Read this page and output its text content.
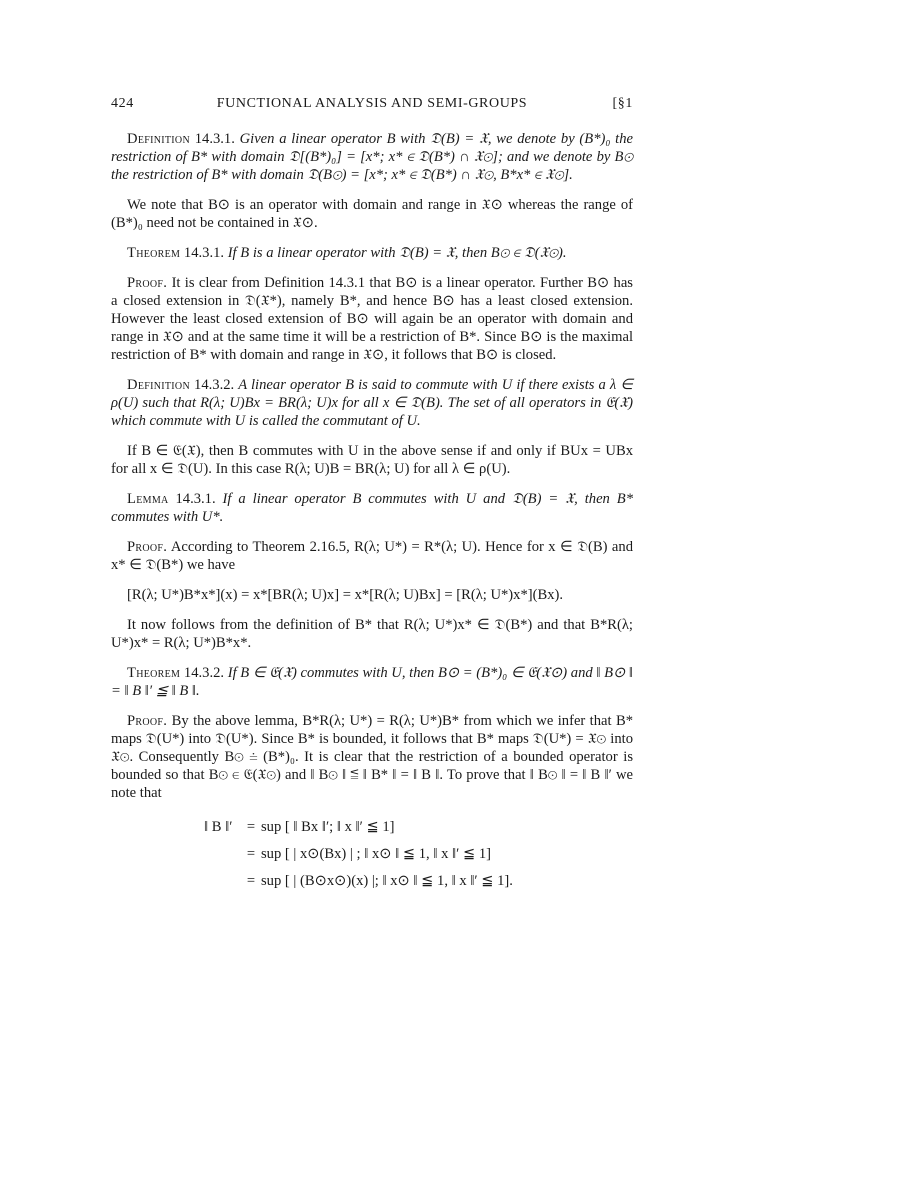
424	FUNCTIONAL ANALYSIS AND SEMI-GROUPS	[§1

Definition 14.3.1. Given a linear operator B with 𝔇(B) = 𝔛, we denote by (B*)₀ the restriction of B* with domain 𝔇[(B*)₀] = [x*; x* ∈ 𝔇(B*) ∩ 𝔛⊙]; and we denote by B⊙ the restriction of B* with domain 𝔇(B⊙) = [x*; x* ∈ 𝔇(B*) ∩ 𝔛⊙, B*x* ∈ 𝔛⊙].

We note that B⊙ is an operator with domain and range in 𝔛⊙ whereas the range of (B*)₀ need not be contained in 𝔛⊙.

Theorem 14.3.1. If B is a linear operator with 𝔇(B) = 𝔛, then B⊙ ∈ 𝔇(𝔛⊙).

Proof. It is clear from Definition 14.3.1 that B⊙ is a linear operator. Further B⊙ has a closed extension in 𝔇(𝔛*), namely B*, and hence B⊙ has a least closed extension. However the least closed extension of B⊙ will again be an operator with domain and range in 𝔛⊙ and at the same time it will be a restriction of B*. Since B⊙ is the maximal restriction of B* with domain and range in 𝔛⊙, it follows that B⊙ is closed.

Definition 14.3.2. A linear operator B is said to commute with U if there exists a λ ∈ ρ(U) such that R(λ; U)Bx = BR(λ; U)x for all x ∈ 𝔇(B). The set of all operators in 𝔈(𝔛) which commute with U is called the commutant of U.

If B ∈ 𝔈(𝔛), then B commutes with U in the above sense if and only if BUx = UBx for all x ∈ 𝔇(U). In this case R(λ; U)B = BR(λ; U) for all λ ∈ ρ(U).

Lemma 14.3.1. If a linear operator B commutes with U and 𝔇(B) = 𝔛, then B* commutes with U*.

Proof. According to Theorem 2.16.5, R(λ; U*) = R*(λ; U). Hence for x ∈ 𝔇(B) and x* ∈ 𝔇(B*) we have

[R(λ; U*)B*x*](x) = x*[BR(λ; U)x] = x*[R(λ; U)Bx] = [R(λ; U*)x*](Bx).

It now follows from the definition of B* that R(λ; U*)x* ∈ 𝔇(B*) and that B*R(λ; U*)x* = R(λ; U*)B*x*.

Theorem 14.3.2. If B ∈ 𝔈(𝔛) commutes with U, then B⊙ = (B*)₀ ∈ 𝔈(𝔛⊙) and ‖ B⊙ ‖ = ‖ B ‖′ ≦ ‖ B ‖.

Proof. By the above lemma, B*R(λ; U*) = R(λ; U*)B* from which we infer that B* maps 𝔇(U*) into 𝔇(U*). Since B* is bounded, it follows that B* maps 𝔇(U*) = 𝔛⊙ into 𝔛⊙. Consequently B⊙ ≐ (B*)₀. It is clear that the restriction of a bounded operator is bounded so that B⊙ ∈ 𝔈(𝔛⊙) and ‖ B⊙ ‖ ≦ ‖ B* ‖ = ‖ B ‖. To prove that ‖ B⊙ ‖ = ‖ B ‖′ we note that

‖ B ‖′ = sup [ ‖ Bx ‖′; ‖ x ‖′ ≦ 1]
= sup [ | x⊙(Bx) | ; ‖ x⊙ ‖ ≦ 1, ‖ x ‖′ ≦ 1]
= sup [ | (B⊙x⊙)(x) |; ‖ x⊙ ‖ ≦ 1, ‖ x ‖′ ≦ 1].
